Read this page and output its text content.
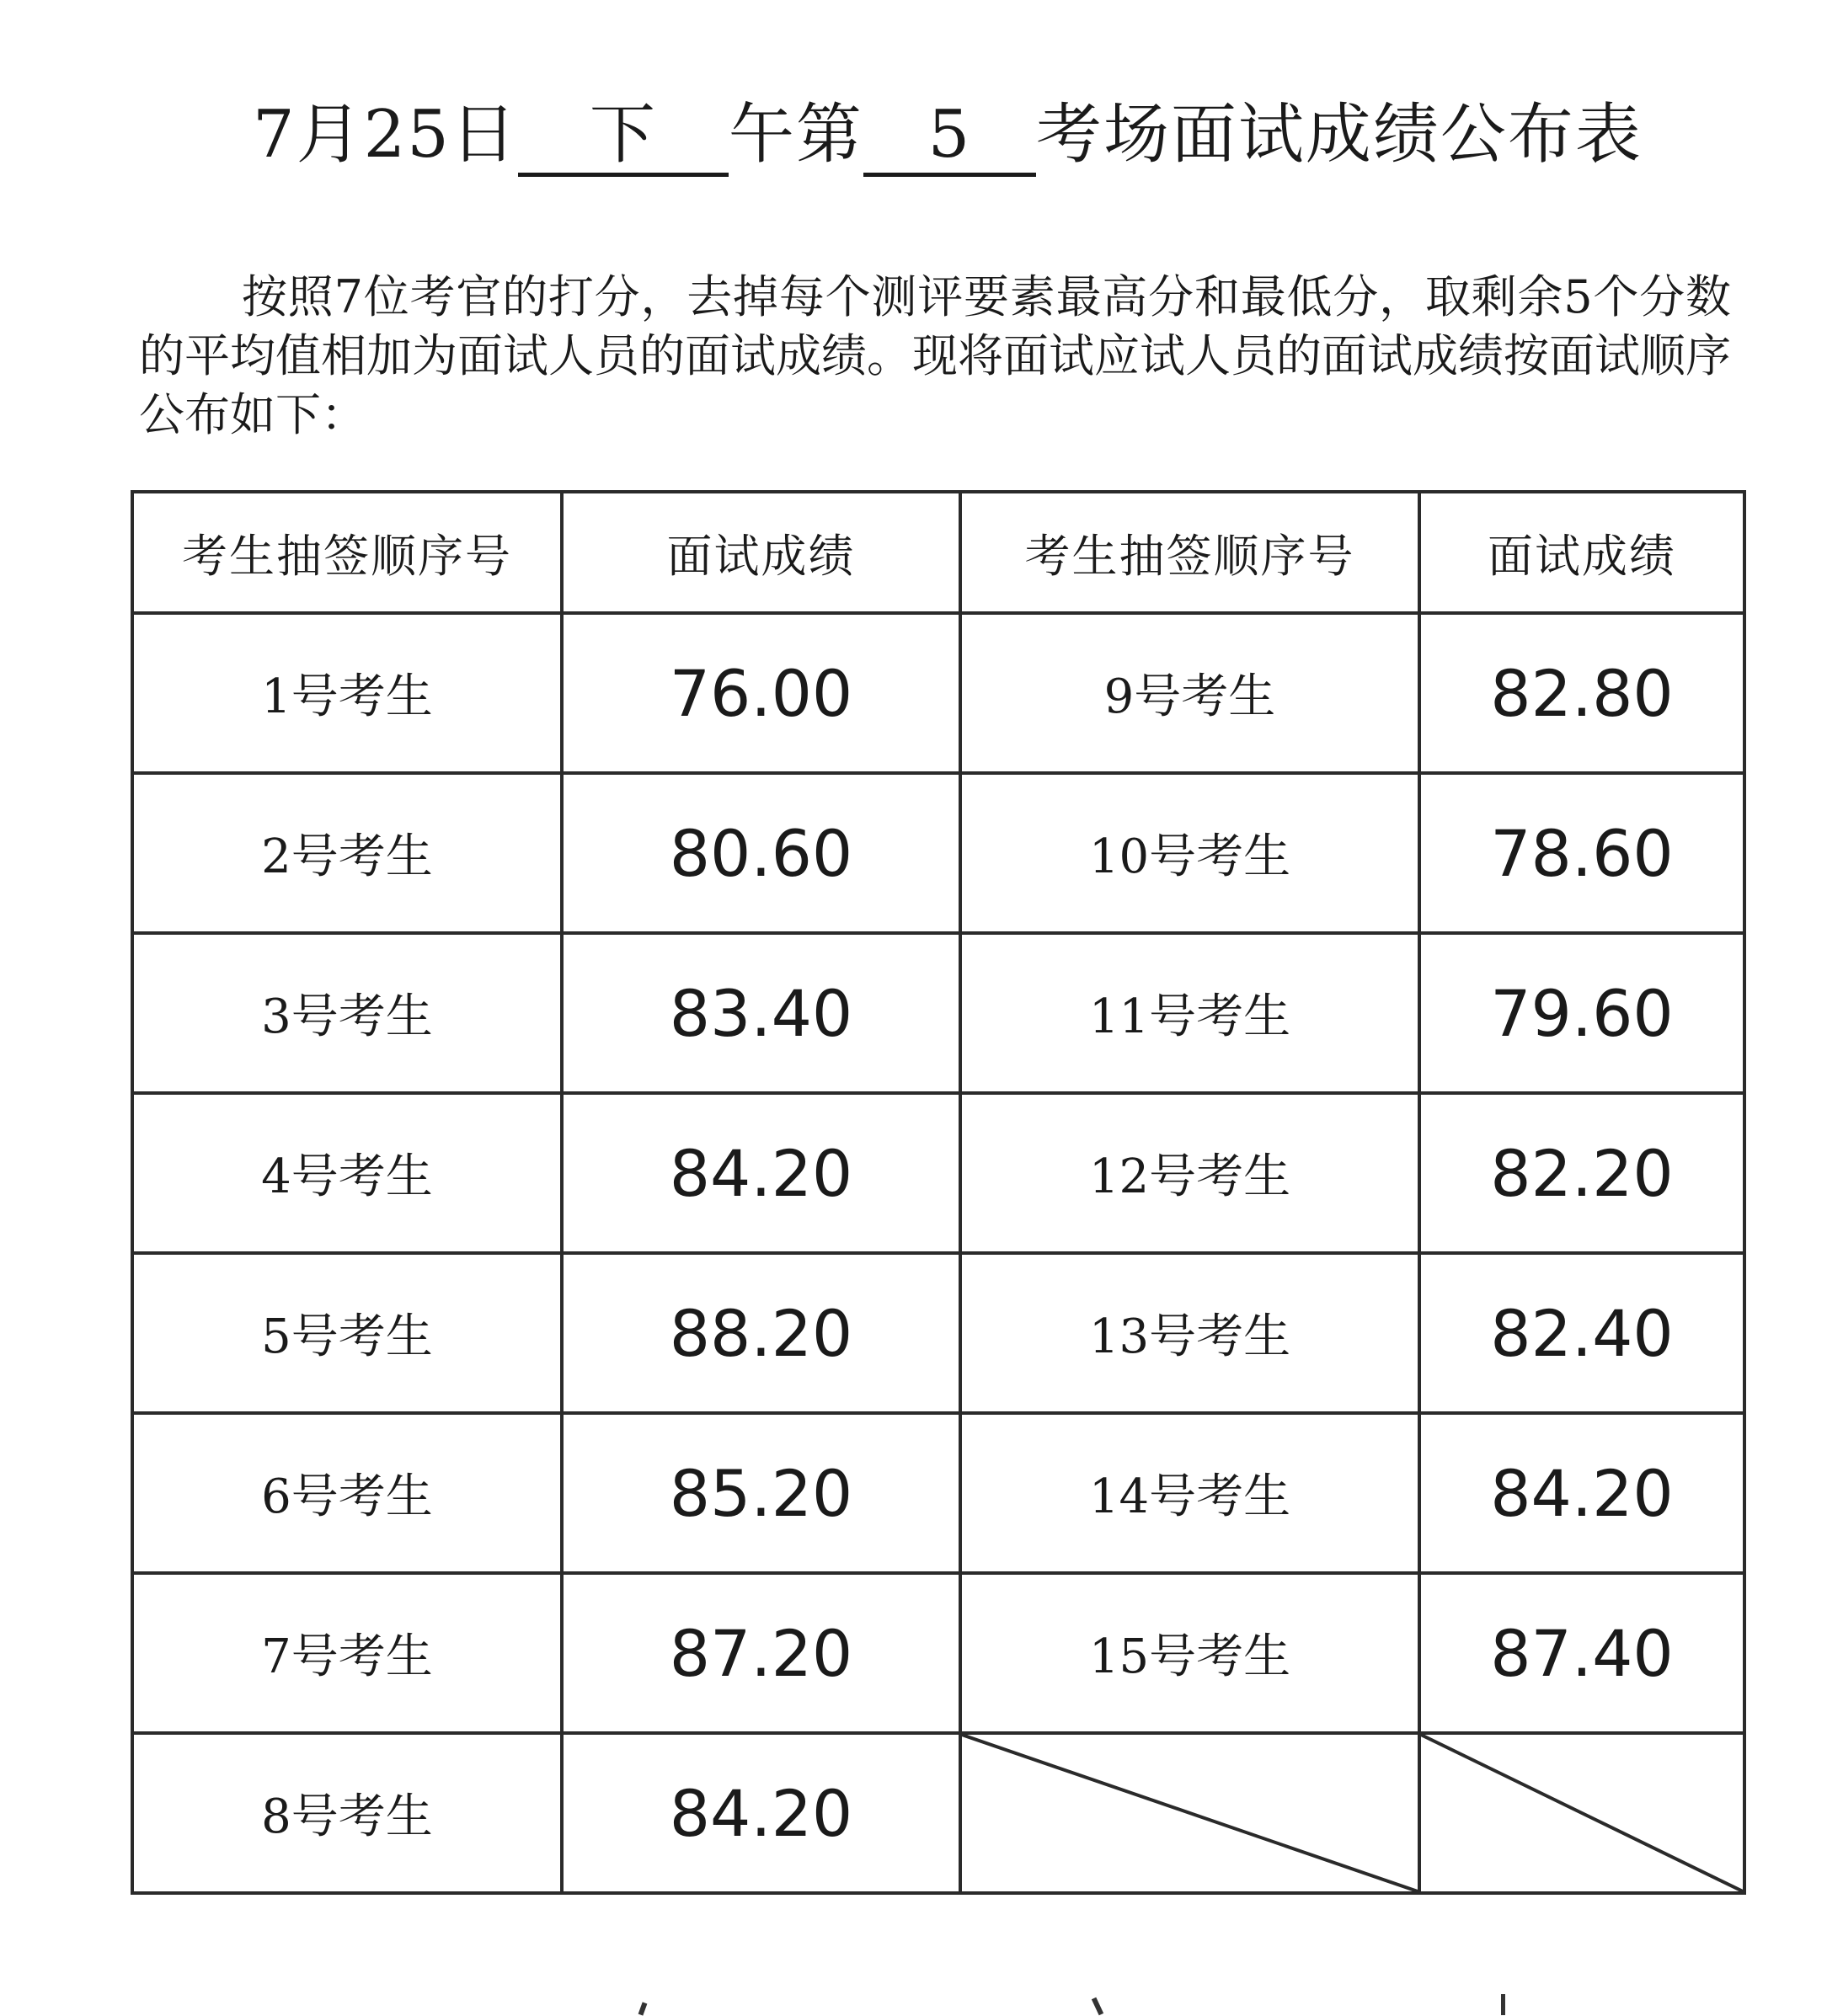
7月25日 下 午第 5 考场面试成绩公布表
按照7位考官的打分，去掉每个测评要素最高分和最低分，取剩余5个分数的平均值相加为面试人员的面试成绩。现将面试应试人员的面试成绩按面试顺序公布如下：
考生抽签顺序号	面试成绩	考生抽签顺序号	面试成绩
1号考生	76.00	9号考生	82.80
2号考生	80.60	10号考生	78.60
3号考生	83.40	11号考生	79.60
4号考生	84.20	12号考生	82.20
5号考生	88.20	13号考生	82.40
6号考生	85.20	14号考生	84.20
7号考生	87.20	15号考生	87.40
8号考生	84.20	
